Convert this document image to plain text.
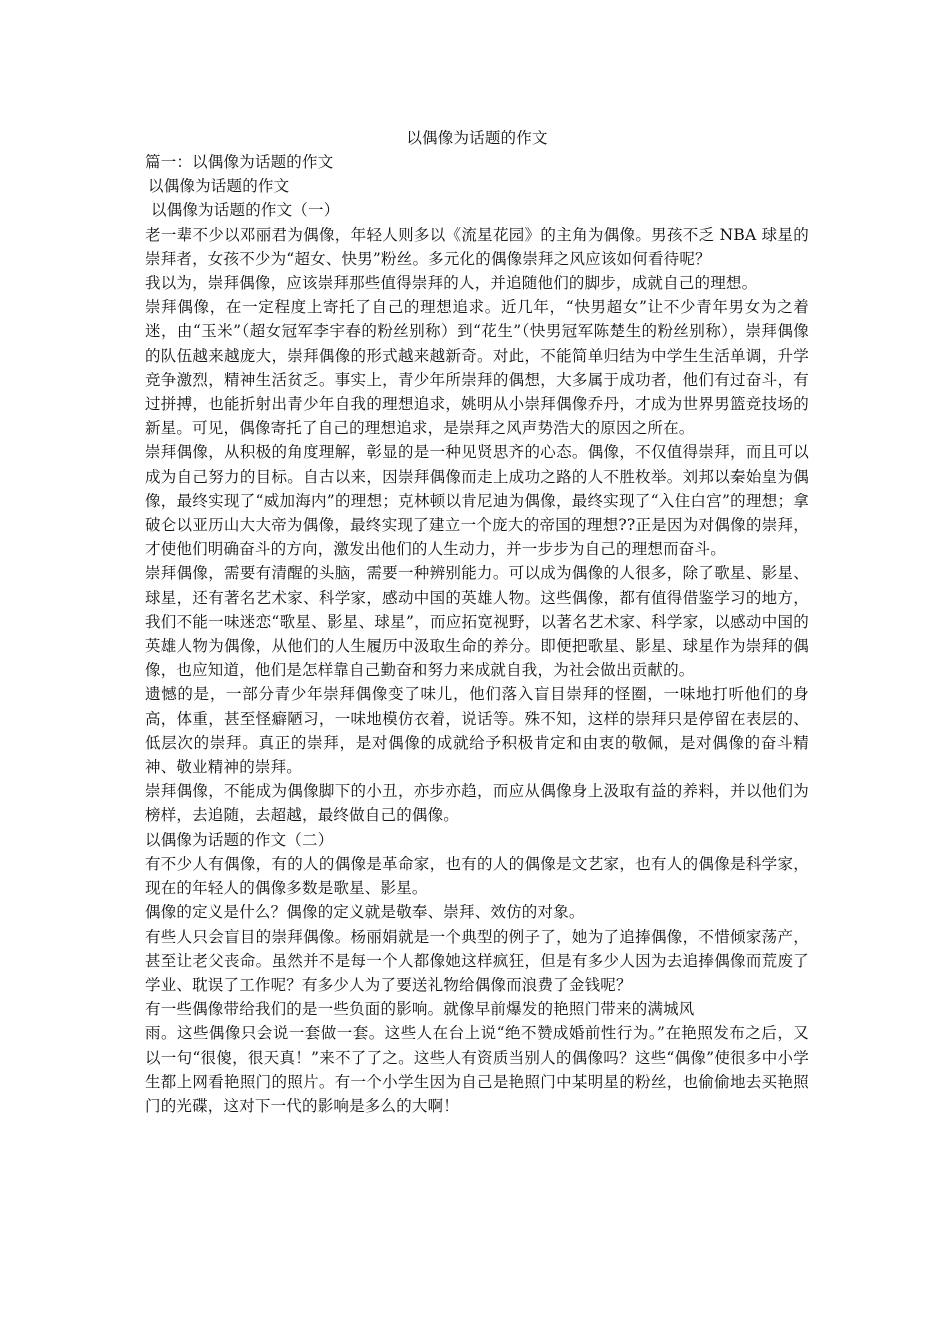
以偶像为话题的作文

篇一：以偶像为话题的作文

以偶像为话题的作文

以偶像为话题的作文（一）

老一辈不少以邓丽君为偶像，年轻人则多以《流星花园》的主角为偶像。男孩不乏 NBA 球星的崇拜者，女孩不少为“超女、快男”粉丝。多元化的偶像崇拜之风应该如何看待呢？

我以为，崇拜偶像，应该崇拜那些值得崇拜的人，并追随他们的脚步，成就自己的理想。

崇拜偶像，在一定程度上寄托了自己的理想追求。近几年，“快男超女”让不少青年男女为之着迷，由“玉米”（超女冠军李宇春的粉丝别称）到“花生”（快男冠军陈楚生的粉丝别称），崇拜偶像的队伍越来越庞大，崇拜偶像的形式越来越新奇。对此，不能简单归结为中学生生活单调，升学竞争激烈，精神生活贫乏。事实上，青少年所崇拜的偶想，大多属于成功者，他们有过奋斗，有过拼搏，也能折射出青少年自我的理想追求，姚明从小崇拜偶像乔丹，才成为世界男篮竞技场的新星。可见，偶像寄托了自己的理想追求，是崇拜之风声势浩大的原因之所在。

崇拜偶像，从积极的角度理解，彰显的是一种见贤思齐的心态。偶像，不仅值得崇拜，而且可以成为自己努力的目标。自古以来，因崇拜偶像而走上成功之路的人不胜枚举。刘邦以秦始皇为偶像，最终实现了“威加海内”的理想；克林顿以肯尼迪为偶像，最终实现了“入住白宫”的理想；拿破仑以亚历山大大帝为偶像，最终实现了建立一个庞大的帝国的理想??正是因为对偶像的崇拜，才使他们明确奋斗的方向，激发出他们的人生动力，并一步步为自己的理想而奋斗。

崇拜偶像，需要有清醒的头脑，需要一种辨别能力。可以成为偶像的人很多，除了歌星、影星、球星，还有著名艺术家、科学家，感动中国的英雄人物。这些偶像，都有值得借鉴学习的地方，我们不能一味迷恋“歌星、影星、球星”，而应拓宽视野，以著名艺术家、科学家，以感动中国的英雄人物为偶像，从他们的人生履历中汲取生命的养分。即便把歌星、影星、球星作为崇拜的偶像，也应知道，他们是怎样靠自己勤奋和努力来成就自我，为社会做出贡献的。

遗憾的是，一部分青少年崇拜偶像变了味儿，他们落入盲目崇拜的怪圈，一味地打听他们的身高，体重，甚至怪癖陋习，一味地模仿衣着，说话等。殊不知，这样的崇拜只是停留在表层的、低层次的崇拜。真正的崇拜，是对偶像的成就给予积极肯定和由衷的敬佩，是对偶像的奋斗精神、敬业精神的崇拜。

崇拜偶像，不能成为偶像脚下的小丑，亦步亦趋，而应从偶像身上汲取有益的养料，并以他们为榜样，去追随，去超越，最终做自己的偶像。

以偶像为话题的作文（二）

有不少人有偶像，有的人的偶像是革命家，也有的人的偶像是文艺家，也有人的偶像是科学家，现在的年轻人的偶像多数是歌星、影星。

偶像的定义是什么？偶像的定义就是敬奉、崇拜、效仿的对象。

有些人只会盲目的崇拜偶像。杨丽娟就是一个典型的例子了，她为了追捧偶像，不惜倾家荡产，甚至让老父丧命。虽然并不是每一个人都像她这样疯狂，但是有多少人因为去追捧偶像而荒废了学业、耽误了工作呢？有多少人为了要送礼物给偶像而浪费了金钱呢？

有一些偶像带给我们的是一些负面的影响。就像早前爆发的艳照门带来的满城风

雨。这些偶像只会说一套做一套。这些人在台上说“绝不赞成婚前性行为。”在艳照发布之后，又以一句“很傻，很天真！”来不了了之。这些人有资质当别人的偶像吗？这些“偶像”使很多中小学生都上网看艳照门的照片。有一个小学生因为自己是艳照门中某明星的粉丝，也偷偷地去买艳照门的光碟，这对下一代的影响是多么的大啊！
